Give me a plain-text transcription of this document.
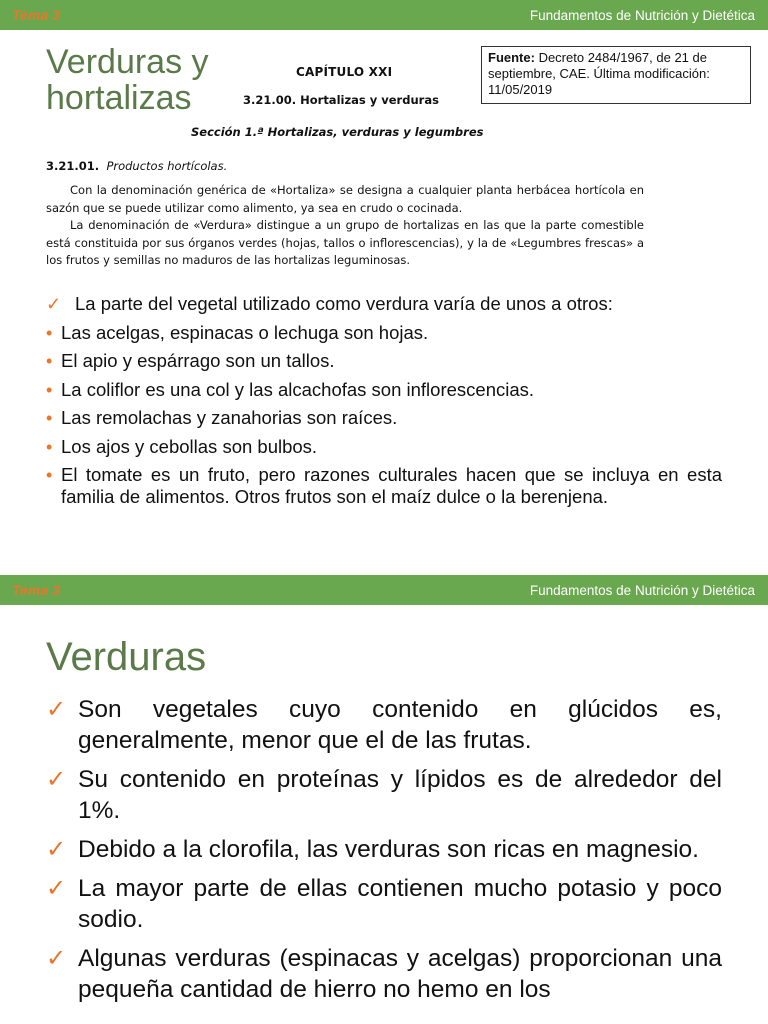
Tema 3	Fundamentos de Nutrición y Dietética
Verduras y hortalizas
Fuente: Decreto 2484/1967, de 21 de septiembre, CAE. Última modificación: 11/05/2019
CAPÍTULO XXI
3.21.00. Hortalizas y verduras
Sección 1.ª Hortalizas, verduras y legumbres
3.21.01. Productos hortícolas.
Con la denominación genérica de «Hortaliza» se designa a cualquier planta herbácea hortícola en sazón que se puede utilizar como alimento, ya sea en crudo o cocinada.
La denominación de «Verdura» distingue a un grupo de hortalizas en las que la parte comestible está constituida por sus órganos verdes (hojas, tallos o inflorescencias), y la de «Legumbres frescas» a los frutos y semillas no maduros de las hortalizas leguminosas.
✓ La parte del vegetal utilizado como verdura varía de unos a otros:
• Las acelgas, espinacas o lechuga son hojas.
• El apio y espárrago son un tallos.
• La coliflor es una col y las alcachofas son inflorescencias.
• Las remolachas y zanahorias son raíces.
• Los ajos y cebollas son bulbos.
• El tomate es un fruto, pero razones culturales hacen que se incluya en esta familia de alimentos. Otros frutos son el maíz dulce o la berenjena.
Tema 3	Fundamentos de Nutrición y Dietética
Verduras
✓ Son vegetales cuyo contenido en glúcidos es, generalmente, menor que el de las frutas.
✓ Su contenido en proteínas y lípidos es de alrededor del 1%.
✓ Debido a la clorofila, las verduras son ricas en magnesio.
✓ La mayor parte de ellas contienen mucho potasio y poco sodio.
✓ Algunas verduras (espinacas y acelgas) proporcionan una pequeña cantidad de hierro no hemo en los
